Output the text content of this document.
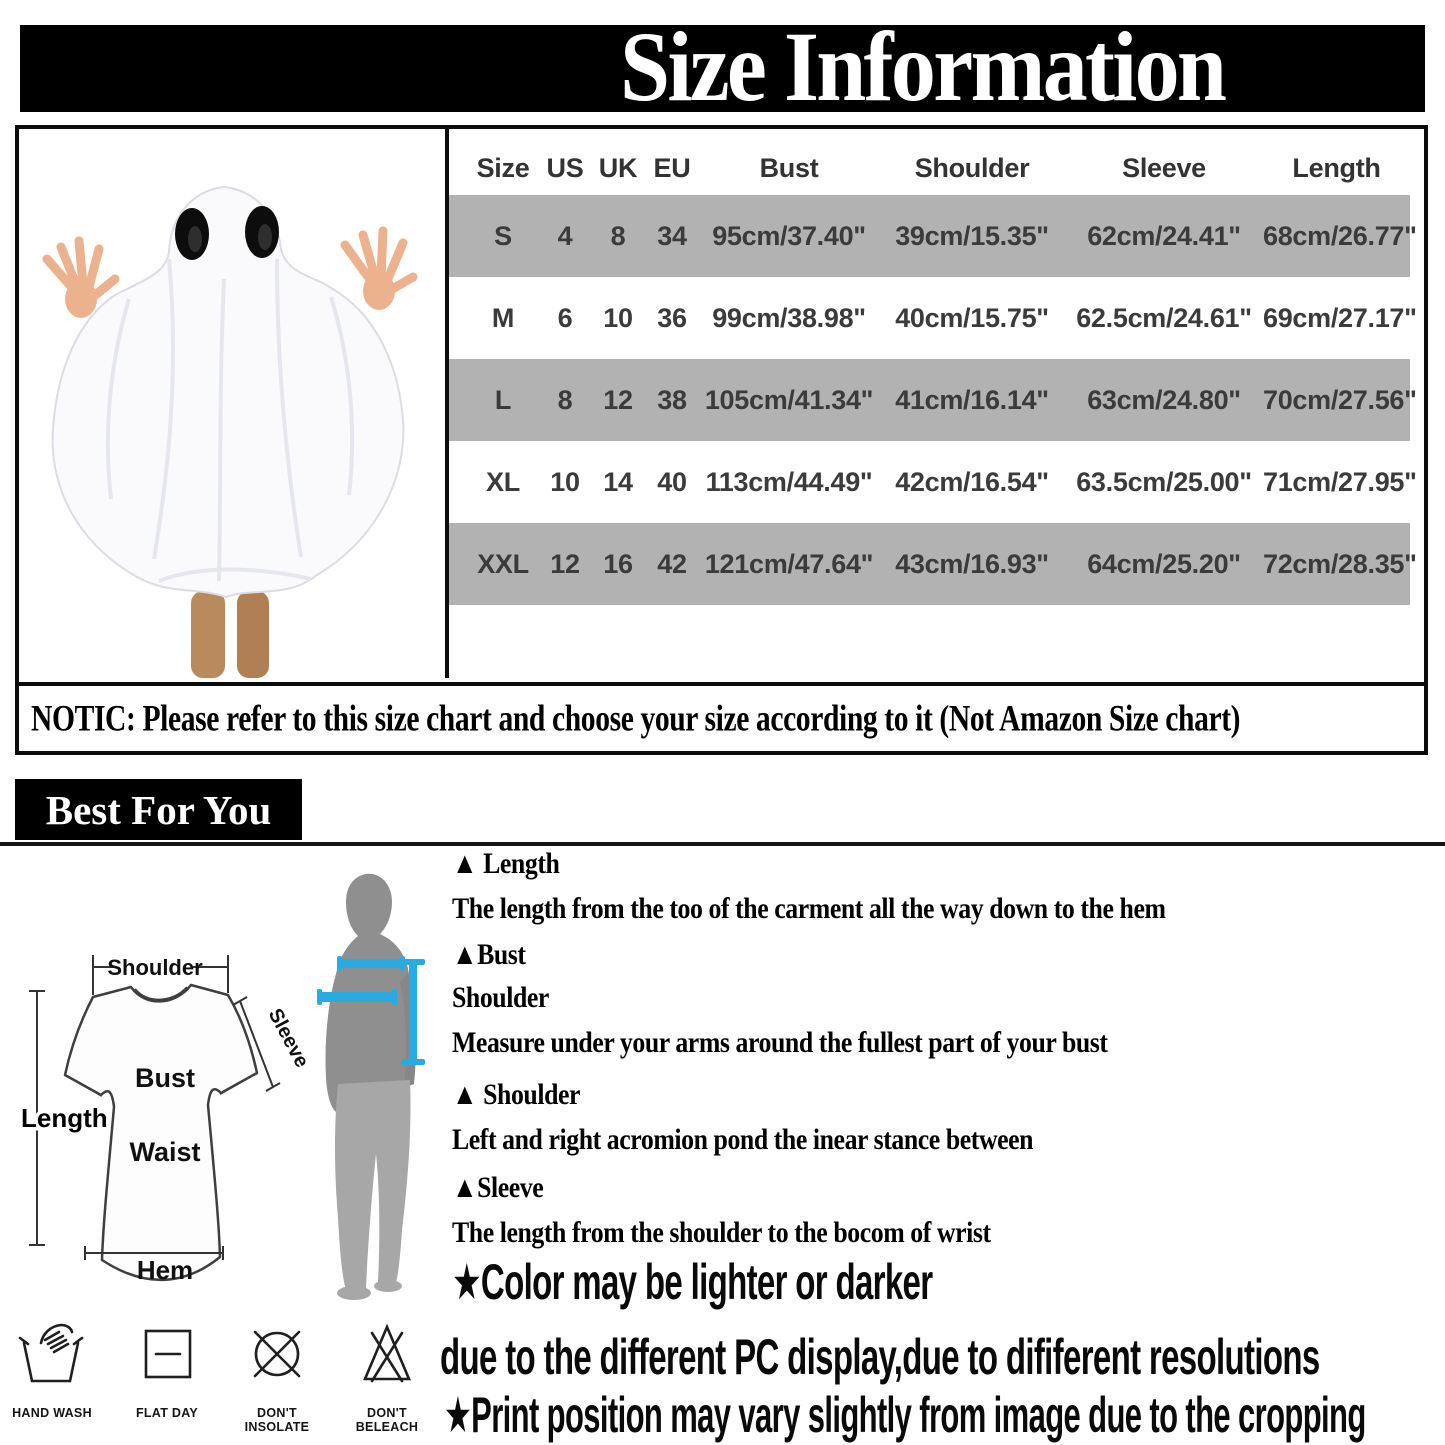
Size Information
Size US UK EU	Bust	Shoulder	Sleeve	Length
S	4	8	34 95cm/37.40"	39cm/15.35"	62cm/24.41" 68cm/26.77"
M	6	10 36 99cm/38.98"	40cm/15.75"	62.5cm/24.61" 69cm/27.17"
L	8	12 38 105cm/41.34" 41cm/16.14"	63cm/24.80" 70cm/27.56"
XL	10 14 40 113cm/44.49" 42cm/16.54"	63.5cm/25.00" 71cm/27.95"
XXL 12 16 42 121cm/47.64" 43cm/16.93"	64cm/25.20" 72cm/28.35"
NOTIC: Please refer to this size chart and choose your size according to it (Not Amazon Size chart)
Best For You
Shoulder
Length
Sleeve
Bust
Waist
Hem
▲ Length
The length from the too of the carment all the way down to the hem
▲Bust
Shoulder
Measure under your arms around the fullest part of your bust
▲ Shoulder
Left and right acromion pond the inear stance between
▲Sleeve
The length from the shoulder to the bocom of wrist
★Color may be lighter or darker
due to the different PC display,due to dififerent resolutions
★Print position may vary slightly from image due to the cropping
HAND WASH	FLAT DAY	DON'T INSOLATE
DON'T BELEACH
